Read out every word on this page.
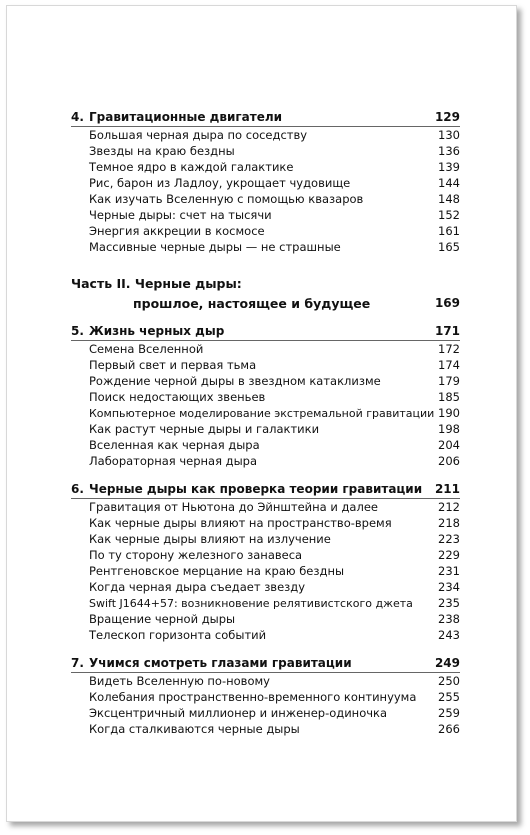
4. Гравитационные двигатели	129
Большая черная дыра по соседству	130
Звезды на краю бездны	136
Темное ядро в каждой галактике	139
Рис, барон из Ладлоу, укрощает чудовище	144
Как изучать Вселенную с помощью квазаров	148
Черные дыры: счет на тысячи	152
Энергия аккреции в космосе	161
Массивные черные дыры — не страшные	165
Часть II. Черные дыры:
прошлое, настоящее и будущее	169
5. Жизнь черных дыр	171
Семена Вселенной	172
Первый свет и первая тьма	174
Рождение черной дыры в звездном катаклизме	179
Поиск недостающих звеньев	185
Компьютерное моделирование экстремальной гравитации 190
Как растут черные дыры и галактики	198
Вселенная как черная дыра	204
Лабораторная черная дыра	206
6. Черные дыры как проверка теории гравитации 211
Гравитация от Ньютона до Эйнштейна и далее	212
Как черные дыры влияют на пространство-время	218
Как черные дыры влияют на излучение	223
По ту сторону железного занавеса	229
Рентгеновское мерцание на краю бездны	231
Когда черная дыра съедает звезду	234
Swift J1644+57: возникновение релятивистского джета 235
Вращение черной дыры	238
Телескоп горизонта событий	243
7. Учимся смотреть глазами гравитации	249
Видеть Вселенную по-новому	250
Колебания пространственно-временного континуума 255
Эксцентричный миллионер и инженер-одиночка	259
Когда сталкиваются черные дыры	266
